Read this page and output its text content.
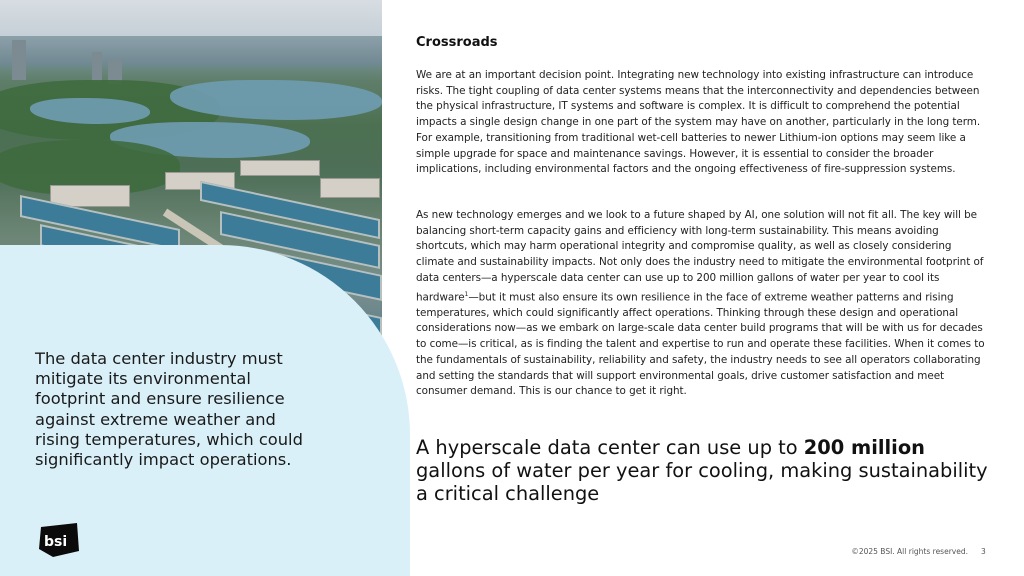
The data center industry must mitigate its environmental footprint and ensure resilience against extreme weather and rising temperatures, which could significantly impact operations.
bsi
Crossroads

We are at an important decision point. Integrating new technology into existing infrastructure can introduce risks. The tight coupling of data center systems means that the interconnectivity and dependencies between the physical infrastructure, IT systems and software is complex. It is difficult to comprehend the potential impacts a single design change in one part of the system may have on another, particularly in the long term. For example, transitioning from traditional wet-cell batteries to newer Lithium-ion options may seem like a simple upgrade for space and maintenance savings. However, it is essential to consider the broader implications, including environmental factors and the ongoing effectiveness of fire-suppression systems.

As new technology emerges and we look to a future shaped by AI, one solution will not fit all. The key will be balancing short-term capacity gains and efficiency with long-term sustainability. This means avoiding shortcuts, which may harm operational integrity and compromise quality, as well as closely considering climate and sustainability impacts. Not only does the industry need to mitigate the environmental footprint of data centers—a hyperscale data center can use up to 200 million gallons of water per year to cool its hardware$^1$—but it must also ensure its own resilience in the face of extreme weather patterns and rising temperatures, which could significantly affect operations. Thinking through these design and operational considerations now—as we embark on large-scale data center build programs that will be with us for decades to come—is critical, as is finding the talent and expertise to run and operate these facilities. When it comes to the fundamentals of sustainability, reliability and safety, the industry needs to see all operators collaborating and setting the standards that will support environmental goals, drive customer satisfaction and meet consumer demand. This is our chance to get it right.

A hyperscale data center can use up to 200 million gallons of water per year for cooling, making sustainability a critical challenge

©2025 BSI. All rights reserved. 3
